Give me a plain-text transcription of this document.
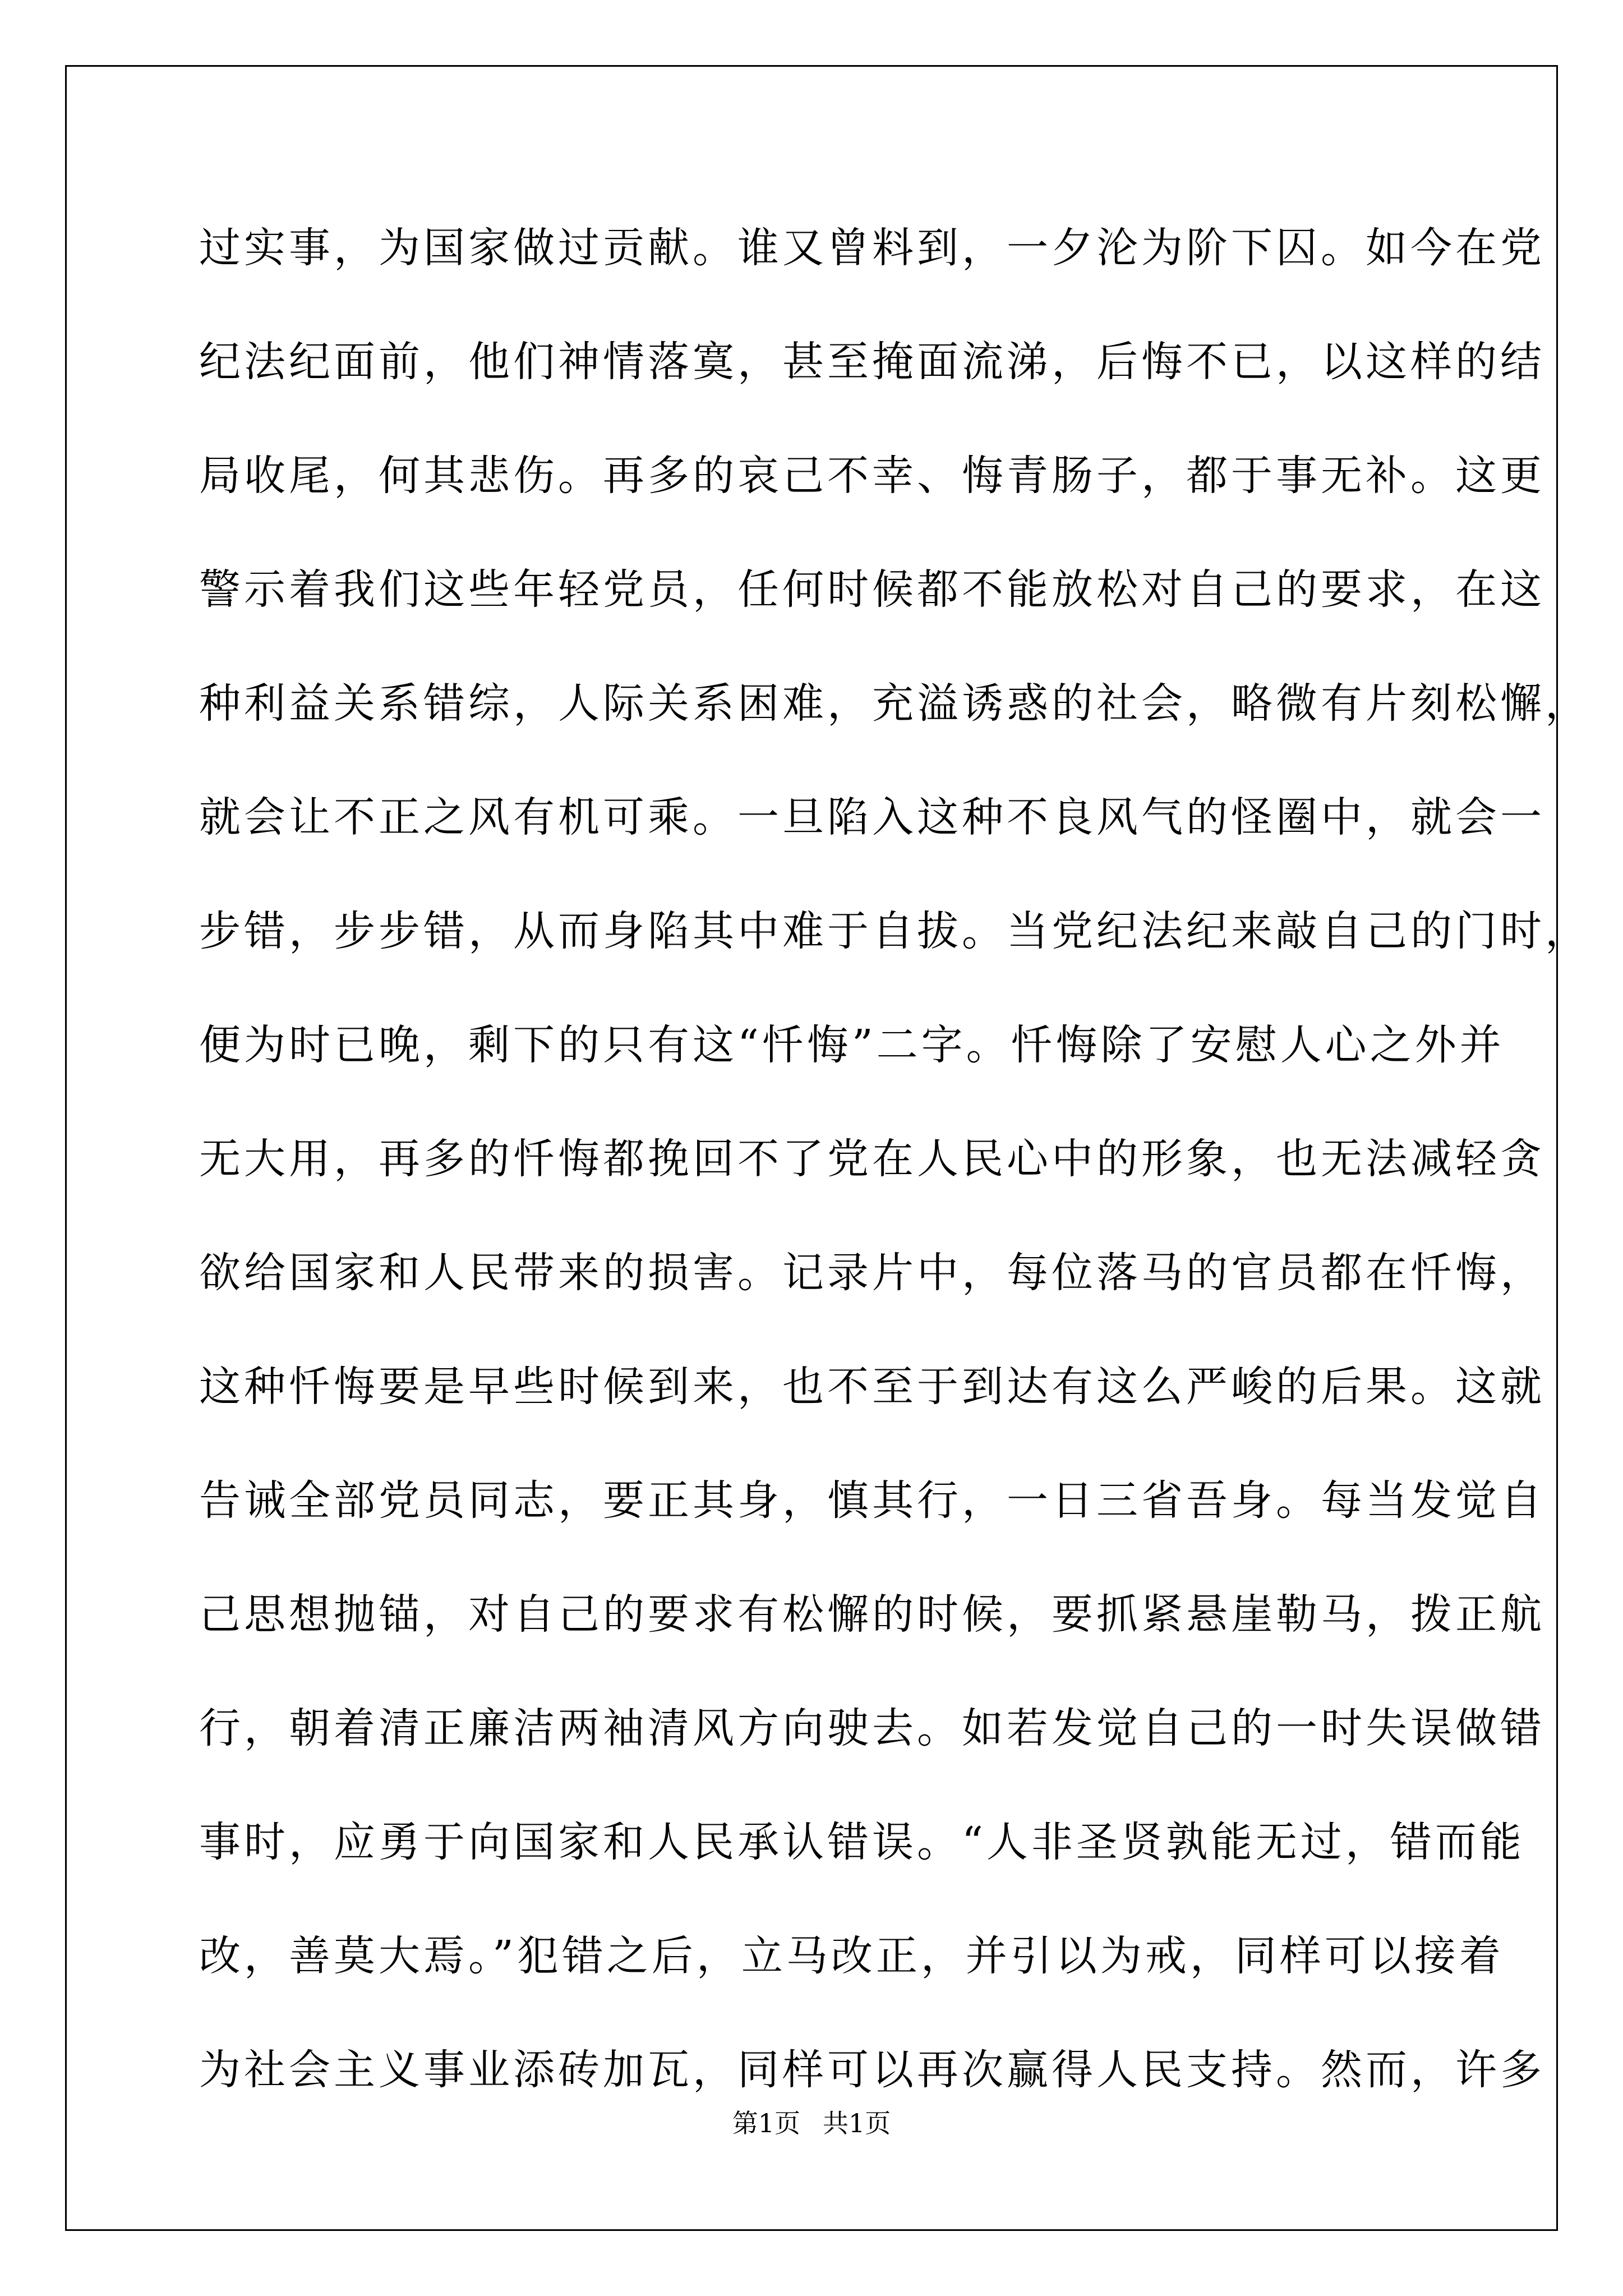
过实事，为国家做过贡献。谁又曾料到，一夕沦为阶下囚。如今在党
纪法纪面前，他们神情落寞，甚至掩面流涕，后悔不已，以这样的结
局收尾，何其悲伤。再多的哀己不幸、悔青肠子，都于事无补。这更
警示着我们这些年轻党员，任何时候都不能放松对自己的要求，在这
种利益关系错综，人际关系困难，充溢诱惑的社会，略微有片刻松懈，
就会让不正之风有机可乘。一旦陷入这种不良风气的怪圈中，就会一
步错，步步错，从而身陷其中难于自拔。当党纪法纪来敲自己的门时，
便为时已晚，剩下的只有这“忏悔”二字。忏悔除了安慰人心之外并
无大用，再多的忏悔都挽回不了党在人民心中的形象，也无法减轻贪
欲给国家和人民带来的损害。记录片中，每位落马的官员都在忏悔，
这种忏悔要是早些时候到来，也不至于到达有这么严峻的后果。这就
告诫全部党员同志，要正其身，慎其行，一日三省吾身。每当发觉自
己思想抛锚，对自己的要求有松懈的时候，要抓紧悬崖勒马，拨正航
行，朝着清正廉洁两袖清风方向驶去。如若发觉自己的一时失误做错
事时，应勇于向国家和人民承认错误。“人非圣贤孰能无过，错而能
改，善莫大焉。”犯错之后，立马改正，并引以为戒，同样可以接着
为社会主义事业添砖加瓦，同样可以再次赢得人民支持。然而，许多
第1页 共1页
